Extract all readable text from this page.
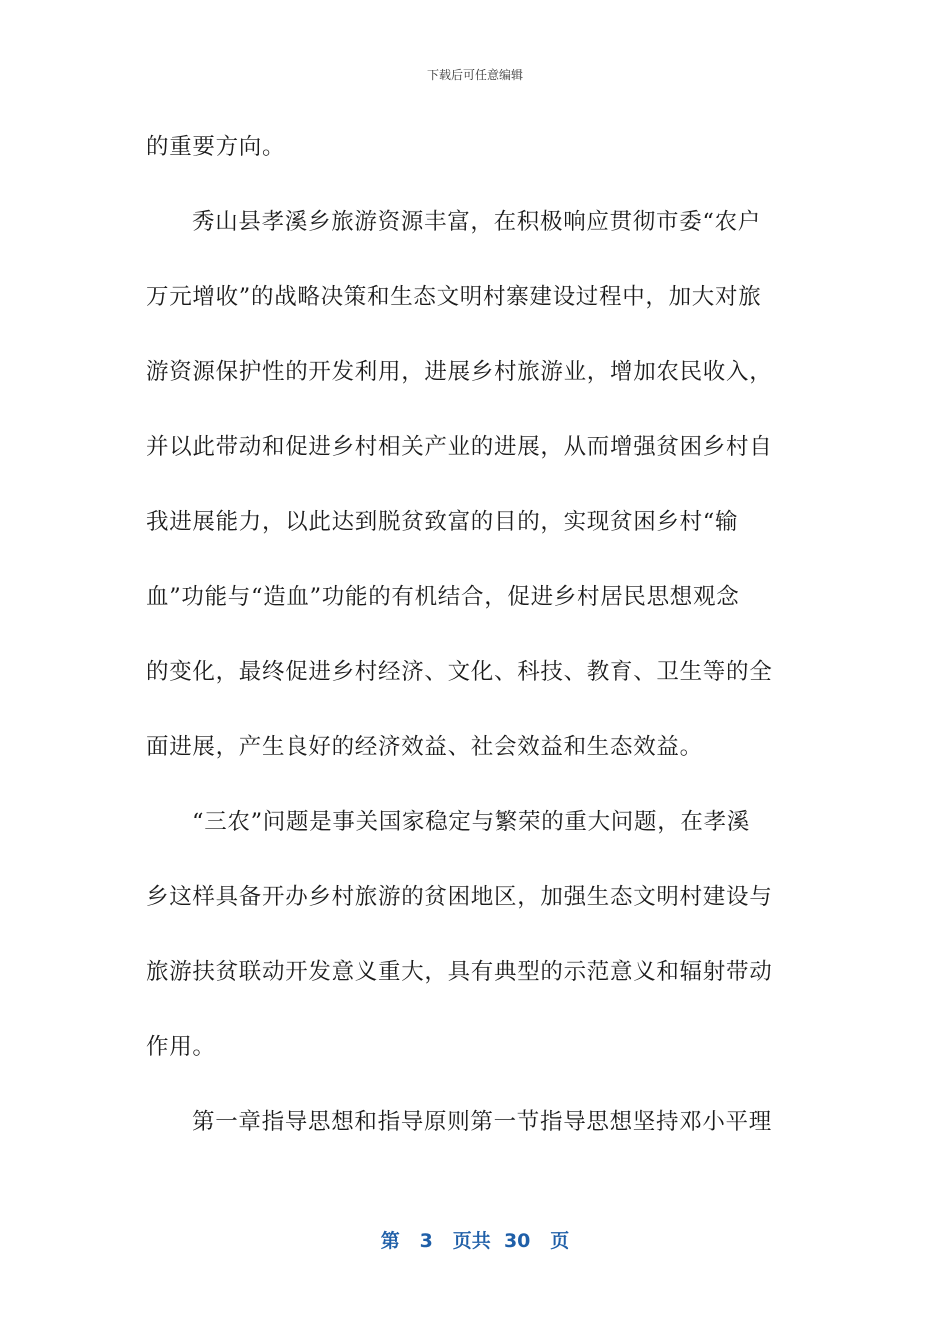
下载后可任意编辑
的重要方向。
秀山县孝溪乡旅游资源丰富，在积极响应贯彻市委“农户
万元增收”的战略决策和生态文明村寨建设过程中，加大对旅
游资源保护性的开发利用，进展乡村旅游业，增加农民收入，
并以此带动和促进乡村相关产业的进展，从而增强贫困乡村自
我进展能力，以此达到脱贫致富的目的，实现贫困乡村“输
血”功能与“造血”功能的有机结合，促进乡村居民思想观念
的变化，最终促进乡村经济、文化、科技、教育、卫生等的全
面进展，产生良好的经济效益、社会效益和生态效益。
“三农”问题是事关国家稳定与繁荣的重大问题，在孝溪
乡这样具备开办乡村旅游的贫困地区，加强生态文明村建设与
旅游扶贫联动开发意义重大，具有典型的示范意义和辐射带动
作用。
第一章指导思想和指导原则第一节指导思想坚持邓小平理
第 3 页共 30 页
